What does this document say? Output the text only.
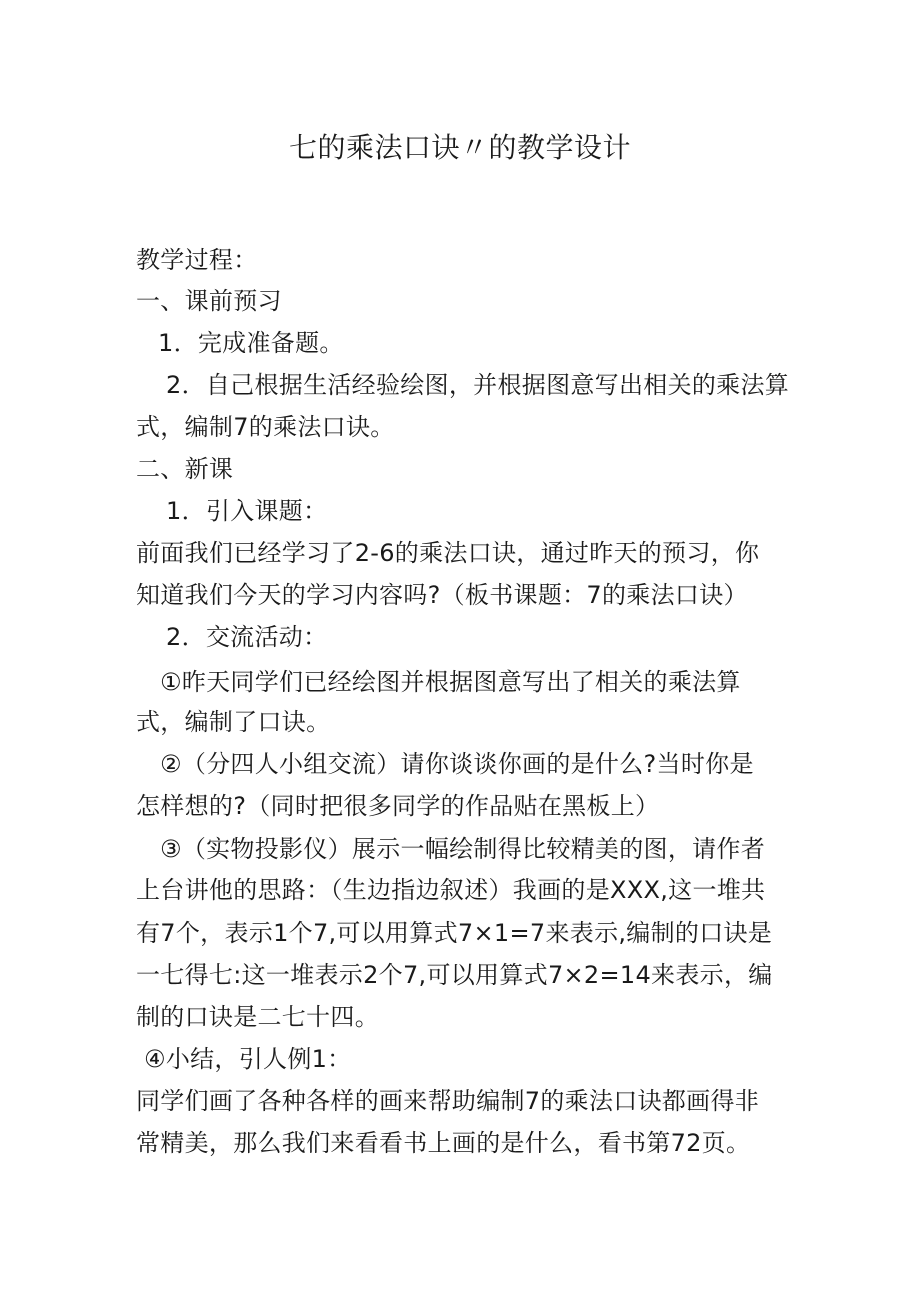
七的乘法口诀〃的教学设计
教学过程：
一、课前预习
1．完成准备题。
2．自己根据生活经验绘图，并根据图意写出相关的乘法算
式，编制7的乘法口诀。
二、新课
1．引入课题：
前面我们已经学习了2-6的乘法口诀，通过昨天的预习，你
知道我们今天的学习内容吗?（板书课题：7的乘法口诀）
2．交流活动：
①昨天同学们已经绘图并根据图意写出了相关的乘法算
式，编制了口诀。
②（分四人小组交流）请你谈谈你画的是什么?当时你是
怎样想的?（同时把很多同学的作品贴在黑板上）
③（实物投影仪）展示一幅绘制得比较精美的图，请作者
上台讲他的思路：（生边指边叙述）我画的是XXX,这一堆共
有7个，表示1个7,可以用算式7×1=7来表示,编制的口诀是
一七得七:这一堆表示2个7,可以用算式7×2=14来表示，编
制的口诀是二七十四。
④小结，引人例1：
同学们画了各种各样的画来帮助编制7的乘法口诀都画得非
常精美，那么我们来看看书上画的是什么，看书第72页。
